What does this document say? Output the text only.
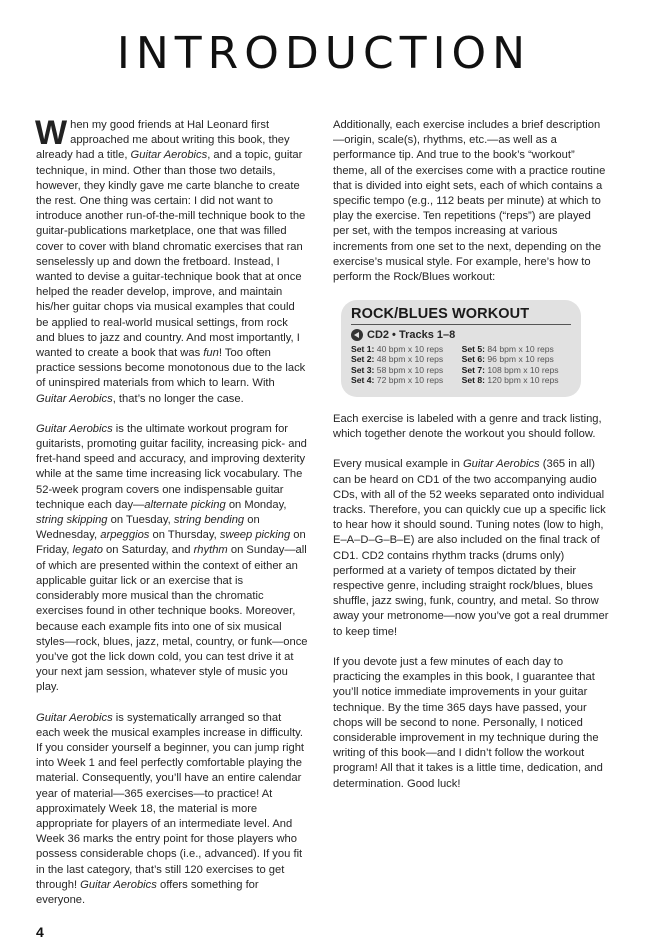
INTRODUCTION

When my good friends at Hal Leonard first approached me about writing this book, they already had a title, Guitar Aerobics, and a topic, guitar technique, in mind. Other than those two details, however, they kindly gave me carte blanche to create the rest. One thing was certain: I did not want to introduce another run-of-the-mill technique book to the guitar-publications marketplace, one that was filled cover to cover with bland chromatic exercises that ran senselessly up and down the fretboard. Instead, I wanted to devise a guitar-technique book that at once helped the reader develop, improve, and maintain his/her guitar chops via musical examples that could be applied to real-world musical settings, from rock and blues to jazz and country. And most importantly, I wanted to create a book that was fun! Too often practice sessions become monotonous due to the lack of uninspired materials from which to learn. With Guitar Aerobics, that’s no longer the case.

Guitar Aerobics is the ultimate workout program for guitarists, promoting guitar facility, increasing pick- and fret-hand speed and accuracy, and improving dexterity while at the same time increasing lick vocabulary. The 52-week program covers one indispensable guitar technique each day—alternate picking on Monday, string skipping on Tuesday, string bending on Wednesday, arpeggios on Thursday, sweep picking on Friday, legato on Saturday, and rhythm on Sunday—all of which are presented within the context of either an applicable guitar lick or an exercise that is considerably more musical than the chromatic exercises found in other technique books. Moreover, because each example fits into one of six musical styles—rock, blues, jazz, metal, country, or funk—once you’ve got the lick down cold, you can test drive it at your next jam session, whatever style of music you play.

Guitar Aerobics is systematically arranged so that each week the musical examples increase in difficulty. If you consider yourself a beginner, you can jump right into Week 1 and feel perfectly comfortable playing the material. Consequently, you’ll have an entire calendar year of material—365 exercises—to practice! At approximately Week 18, the material is more appropriate for players of an intermediate level. And Week 36 marks the entry point for those players who possess considerable chops (i.e., advanced). If you fit in the last category, that’s still 120 exercises to get through! Guitar Aerobics offers something for everyone.

4

Additionally, each exercise includes a brief description—origin, scale(s), rhythms, etc.—as well as a performance tip. And true to the book’s “workout” theme, all of the exercises come with a practice routine that is divided into eight sets, each of which contains a specific tempo (e.g., 112 beats per minute) at which to play the exercise. Ten repetitions (“reps”) are played per set, with the tempos increasing at various increments from one set to the next, depending on the exercise’s musical style. For example, here’s how to perform the Rock/Blues workout:

ROCK/BLUES WORKOUT
CD2 • Tracks 1–8
Set 1: 40 bpm x 10 reps	Set 5: 84 bpm x 10 reps
Set 2: 48 bpm x 10 reps	Set 6: 96 bpm x 10 reps
Set 3: 58 bpm x 10 reps	Set 7: 108 bpm x 10 reps
Set 4: 72 bpm x 10 reps	Set 8: 120 bpm x 10 reps

Each exercise is labeled with a genre and track listing, which together denote the workout you should follow.

Every musical example in Guitar Aerobics (365 in all) can be heard on CD1 of the two accompanying audio CDs, with all of the 52 weeks separated onto individual tracks. Therefore, you can quickly cue up a specific lick to hear how it should sound. Tuning notes (low to high, E–A–D–G–B–E) are also included on the final track of CD1. CD2 contains rhythm tracks (drums only) performed at a variety of tempos dictated by their respective genre, including straight rock/blues, blues shuffle, jazz swing, funk, country, and metal. So throw away your metronome—now you’ve got a real drummer to keep time!

If you devote just a few minutes of each day to practicing the examples in this book, I guarantee that you’ll notice immediate improvements in your guitar technique. By the time 365 days have passed, your chops will be second to none. Personally, I noticed considerable improvement in my technique during the writing of this book—and I didn’t follow the workout program! All that it takes is a little time, dedication, and determination. Good luck!
